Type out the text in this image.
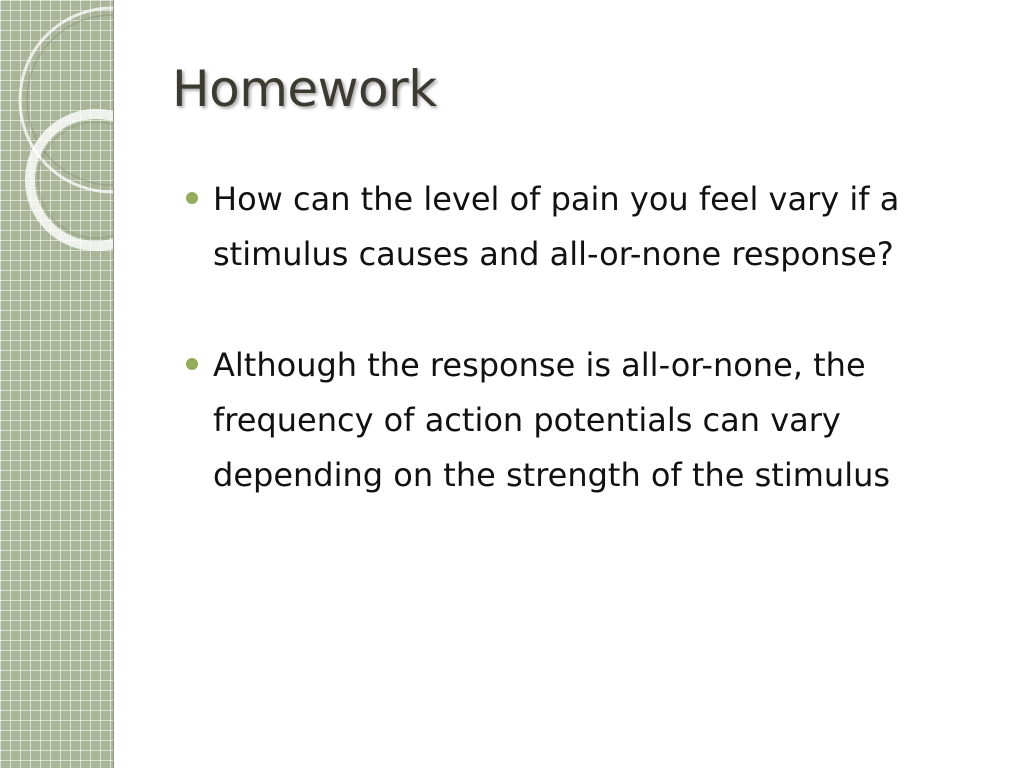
Homework
How can the level of pain you feel vary if a stimulus causes and all-or-none response?
Although the response is all-or-none, the frequency of action potentials can vary depending on the strength of the stimulus
